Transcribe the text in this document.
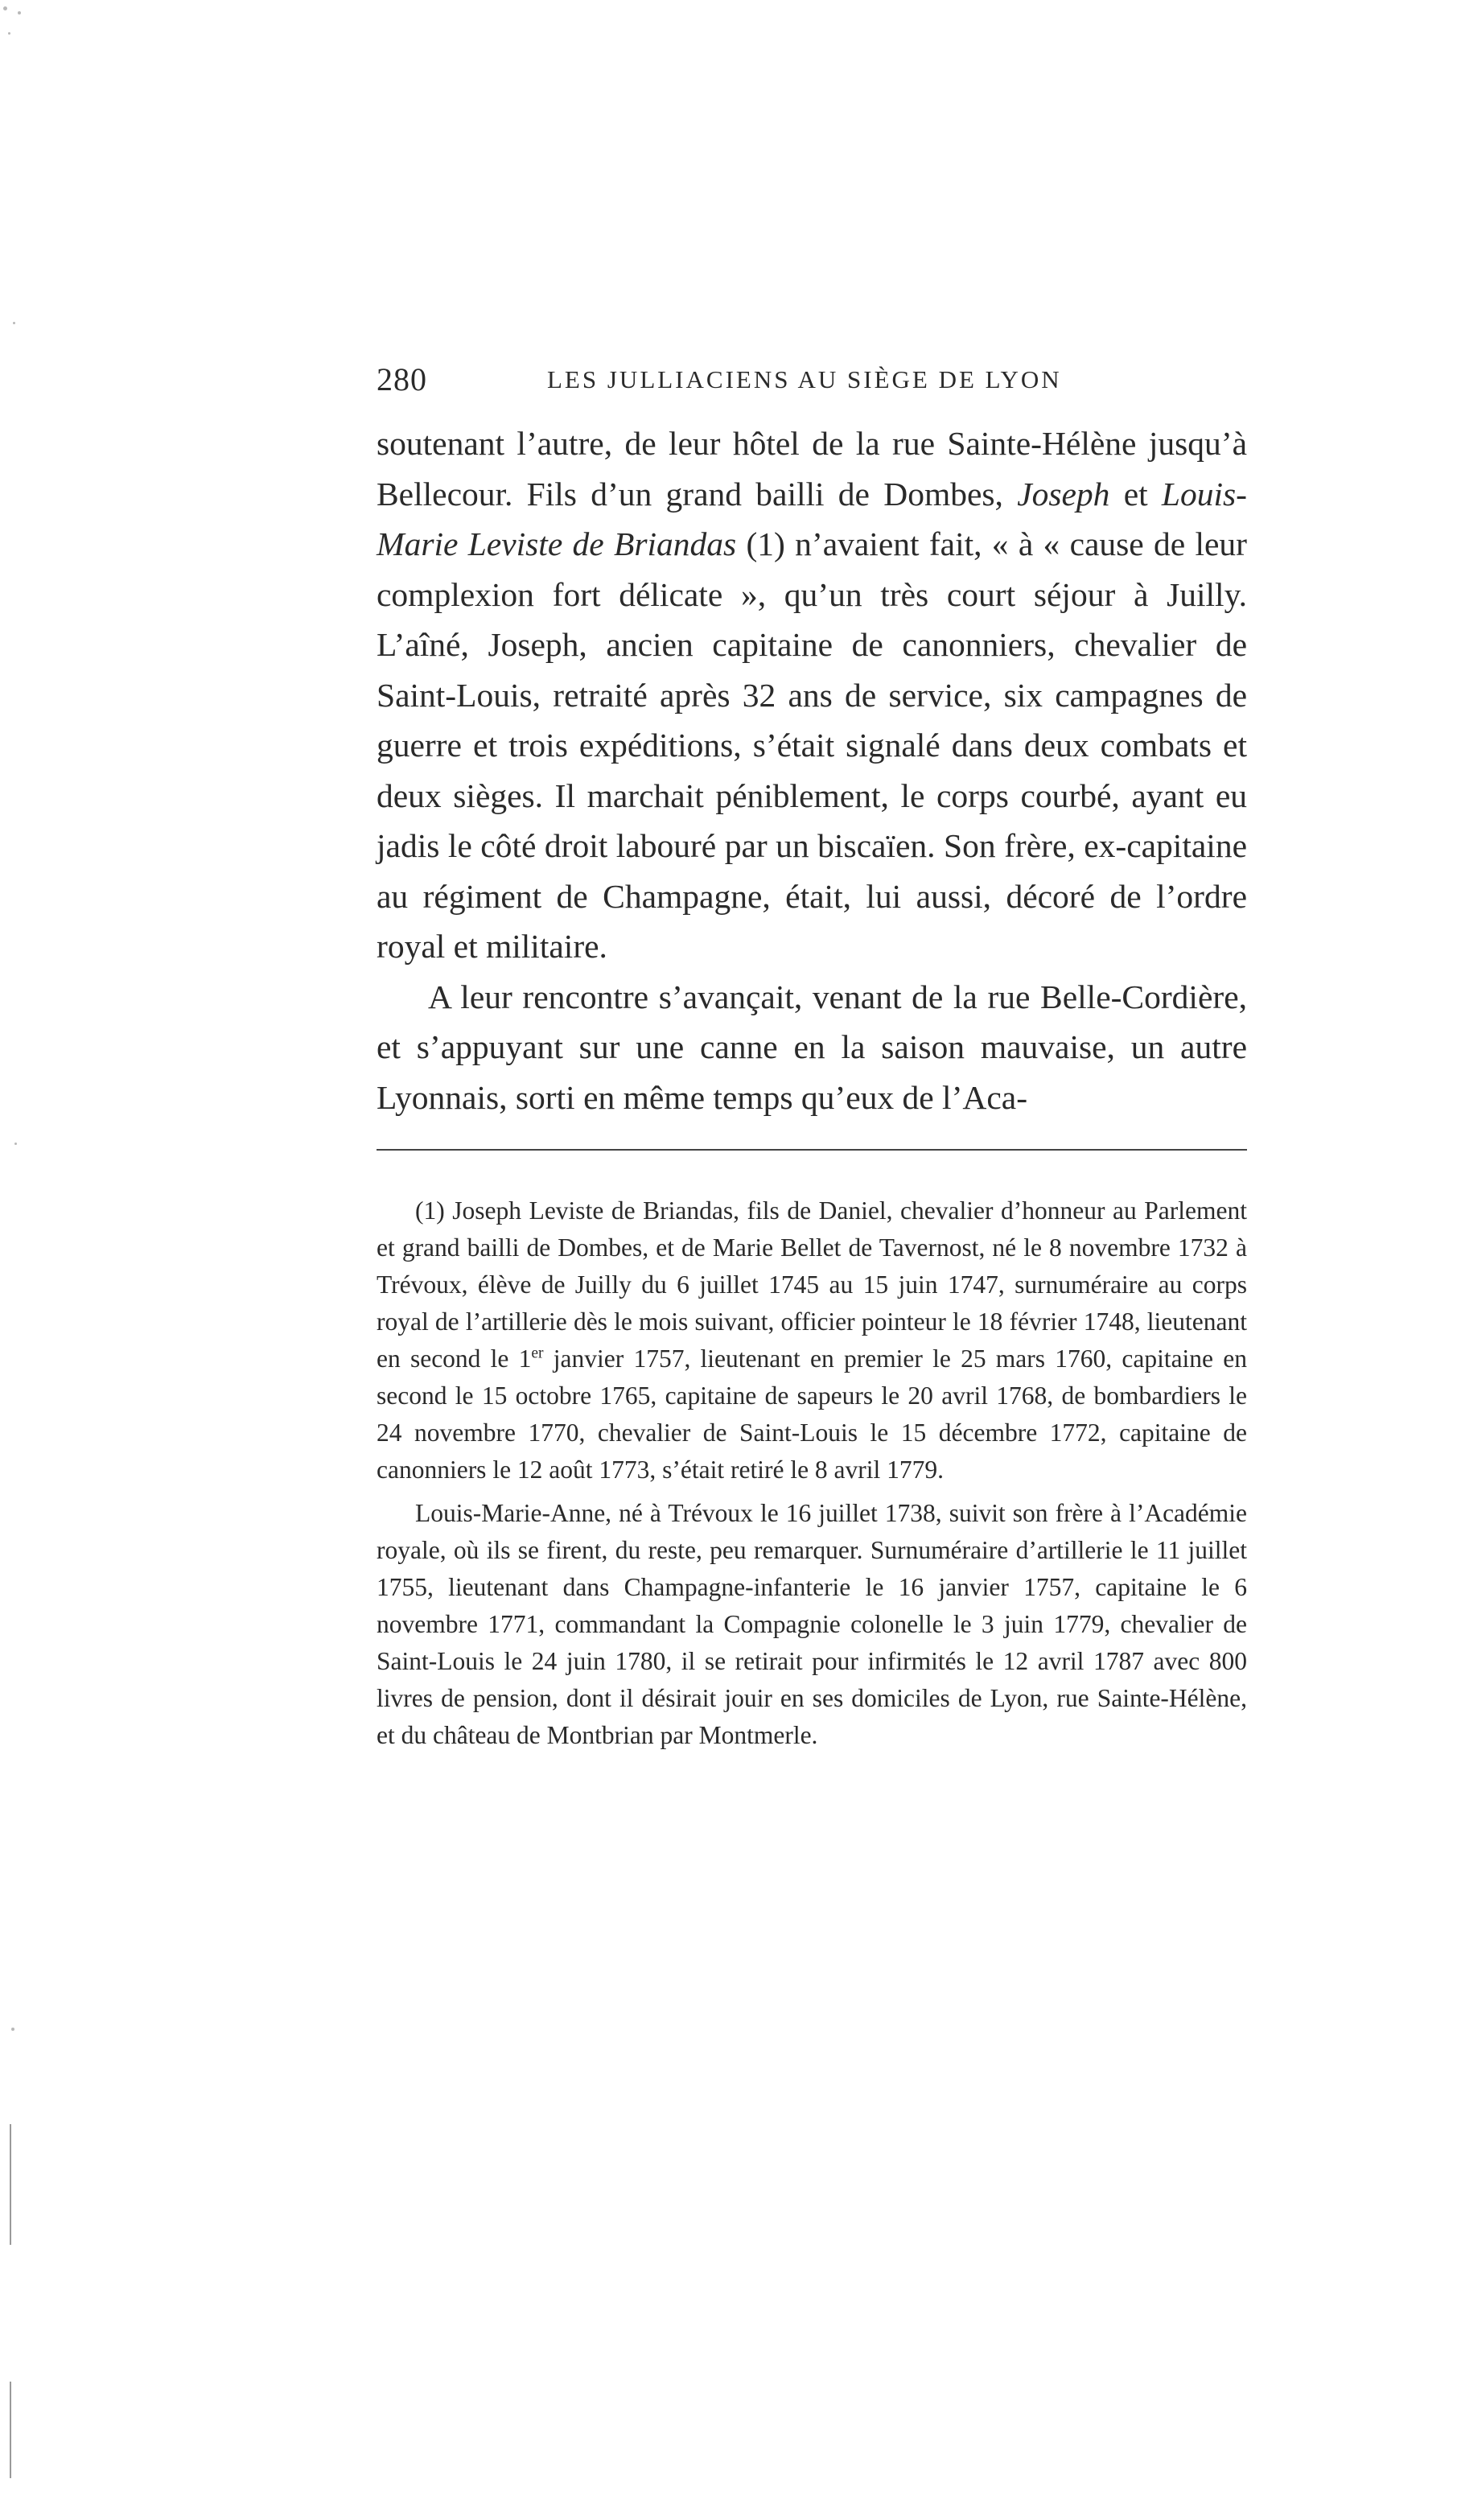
280	LES JULLIACIENS AU SIÈGE DE LYON

soutenant l’autre, de leur hôtel de la rue Sainte-Hélène jusqu’à Bellecour. Fils d’un grand bailli de Dombes, Joseph et Louis-Marie Leviste de Briandas (1) n’avaient fait, « à « cause de leur complexion fort délicate », qu’un très court séjour à Juilly. L’aîné, Joseph, ancien capitaine de canonniers, chevalier de Saint-Louis, retraité après 32 ans de service, six campagnes de guerre et trois expéditions, s’était signalé dans deux combats et deux sièges. Il marchait péniblement, le corps courbé, ayant eu jadis le côté droit labouré par un biscaïen. Son frère, ex-capitaine au régiment de Champagne, était, lui aussi, décoré de l’ordre royal et militaire.

A leur rencontre s’avançait, venant de la rue Belle-Cordière, et s’appuyant sur une canne en la saison mauvaise, un autre Lyonnais, sorti en même temps qu’eux de l’Aca-

(1) Joseph Leviste de Briandas, fils de Daniel, chevalier d’honneur au Parlement et grand bailli de Dombes, et de Marie Bellet de Tavernost, né le 8 novembre 1732 à Trévoux, élève de Juilly du 6 juillet 1745 au 15 juin 1747, surnuméraire au corps royal de l’artillerie dès le mois suivant, officier pointeur le 18 février 1748, lieutenant en second le 1er janvier 1757, lieutenant en premier le 25 mars 1760, capitaine en second le 15 octobre 1765, capitaine de sapeurs le 20 avril 1768, de bombardiers le 24 novembre 1770, chevalier de Saint-Louis le 15 décembre 1772, capitaine de canonniers le 12 août 1773, s’était retiré le 8 avril 1779.

Louis-Marie-Anne, né à Trévoux le 16 juillet 1738, suivit son frère à l’Académie royale, où ils se firent, du reste, peu remarquer. Surnuméraire d’artillerie le 11 juillet 1755, lieutenant dans Champagne-infanterie le 16 janvier 1757, capitaine le 6 novembre 1771, commandant la Compagnie colonelle le 3 juin 1779, chevalier de Saint-Louis le 24 juin 1780, il se retirait pour infirmités le 12 avril 1787 avec 800 livres de pension, dont il désirait jouir en ses domiciles de Lyon, rue Sainte-Hélène, et du château de Montbrian par Montmerle.
